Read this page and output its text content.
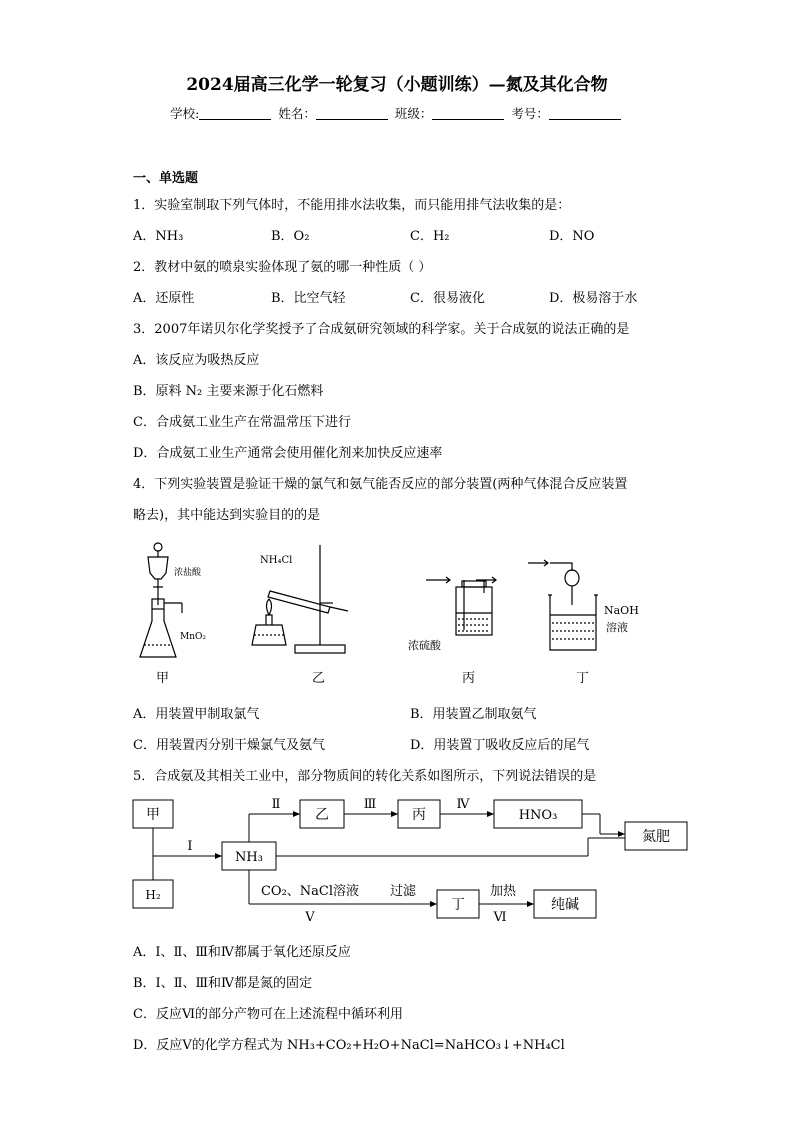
2024届高三化学一轮复习（小题训练）—氮及其化合物
学校:	姓名：	班级：	考号：
一、单选题
1．实验室制取下列气体时，不能用排水法收集，而只能用排气法收集的是：
A．NH₃	B．O₂	C．H₂	D．NO
2．教材中氨的喷泉实验体现了氨的哪一种性质（ ）
A．还原性	B．比空气轻	C．很易液化	D．极易溶于水
3．2007年诺贝尔化学奖授予了合成氨研究领域的科学家。关于合成氨的说法正确的是
A．该反应为吸热反应
B．原料 N₂ 主要来源于化石燃料
C．合成氨工业生产在常温常压下进行
D．合成氨工业生产通常会使用催化剂来加快反应速率
4．下列实验装置是验证干燥的氯气和氨气能否反应的部分装置(两种气体混合反应装置
略去)，其中能达到实验目的的是
浓盐酸
MnO₂
NH₄Cl
浓硫酸
NaOH
溶液
甲	乙	丙	丁
A．用装置甲制取氯气	B．用装置乙制取氨气
C．用装置丙分别干燥氯气及氨气	D．用装置丁吸收反应后的尾气
5．合成氨及其相关工业中，部分物质间的转化关系如图所示，下列说法错误的是
甲
H₂
NH₃
乙	丙	HNO₃
氮肥
丁	纯碱
Ⅰ
Ⅱ	Ⅲ	Ⅳ
Ⅴ	Ⅵ
CO₂、NaCl溶液 过滤	加热
A．Ⅰ、Ⅱ、Ⅲ和Ⅳ都属于氧化还原反应
B．Ⅰ、Ⅱ、Ⅲ和Ⅳ都是氮的固定
C．反应Ⅵ的部分产物可在上述流程中循环利用
D．反应Ⅴ的化学方程式为 NH₃+CO₂+H₂O+NaCl=NaHCO₃↓+NH₄Cl
